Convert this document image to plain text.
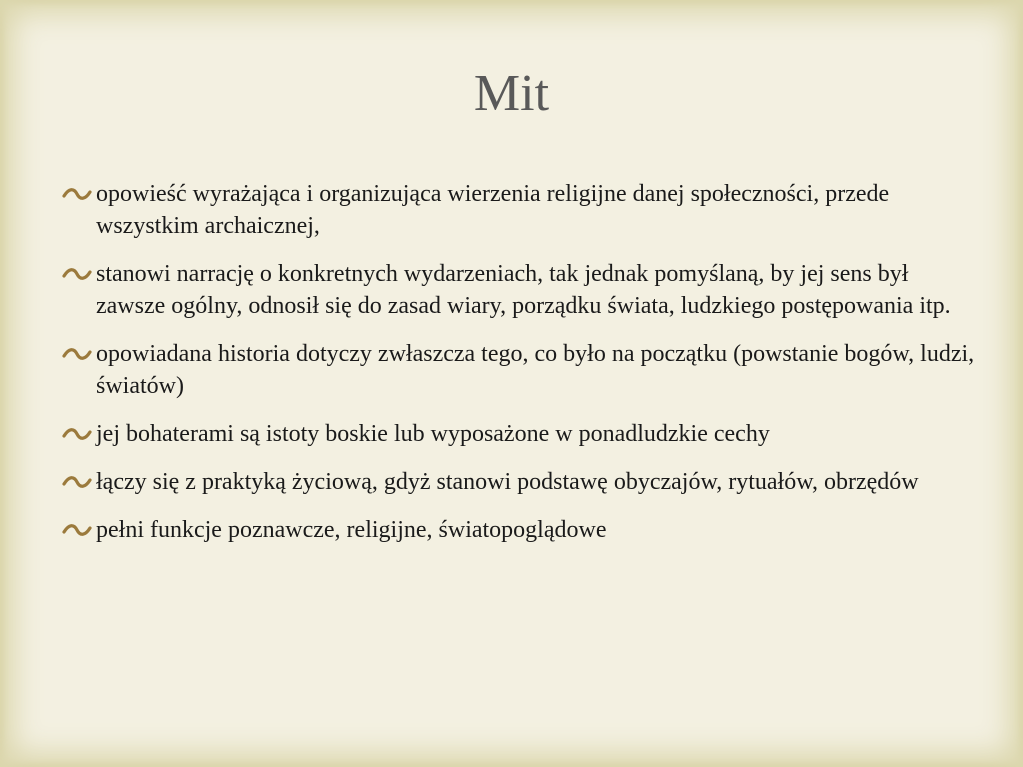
Mit
opowieść wyrażająca i organizująca wierzenia religijne danej społeczności, przede wszystkim archaicznej,
stanowi narrację o konkretnych wydarzeniach, tak jednak pomyślaną, by jej sens był zawsze ogólny, odnosił się do zasad wiary, porządku świata, ludzkiego postępowania itp.
opowiadana historia dotyczy zwłaszcza tego, co było na początku (powstanie bogów, ludzi, światów)
jej bohaterami są istoty boskie lub wyposażone w ponadludzkie cechy
łączy się z praktyką życiową, gdyż stanowi podstawę obyczajów, rytuałów, obrzędów
pełni funkcje poznawcze, religijne, światopoglądowe
